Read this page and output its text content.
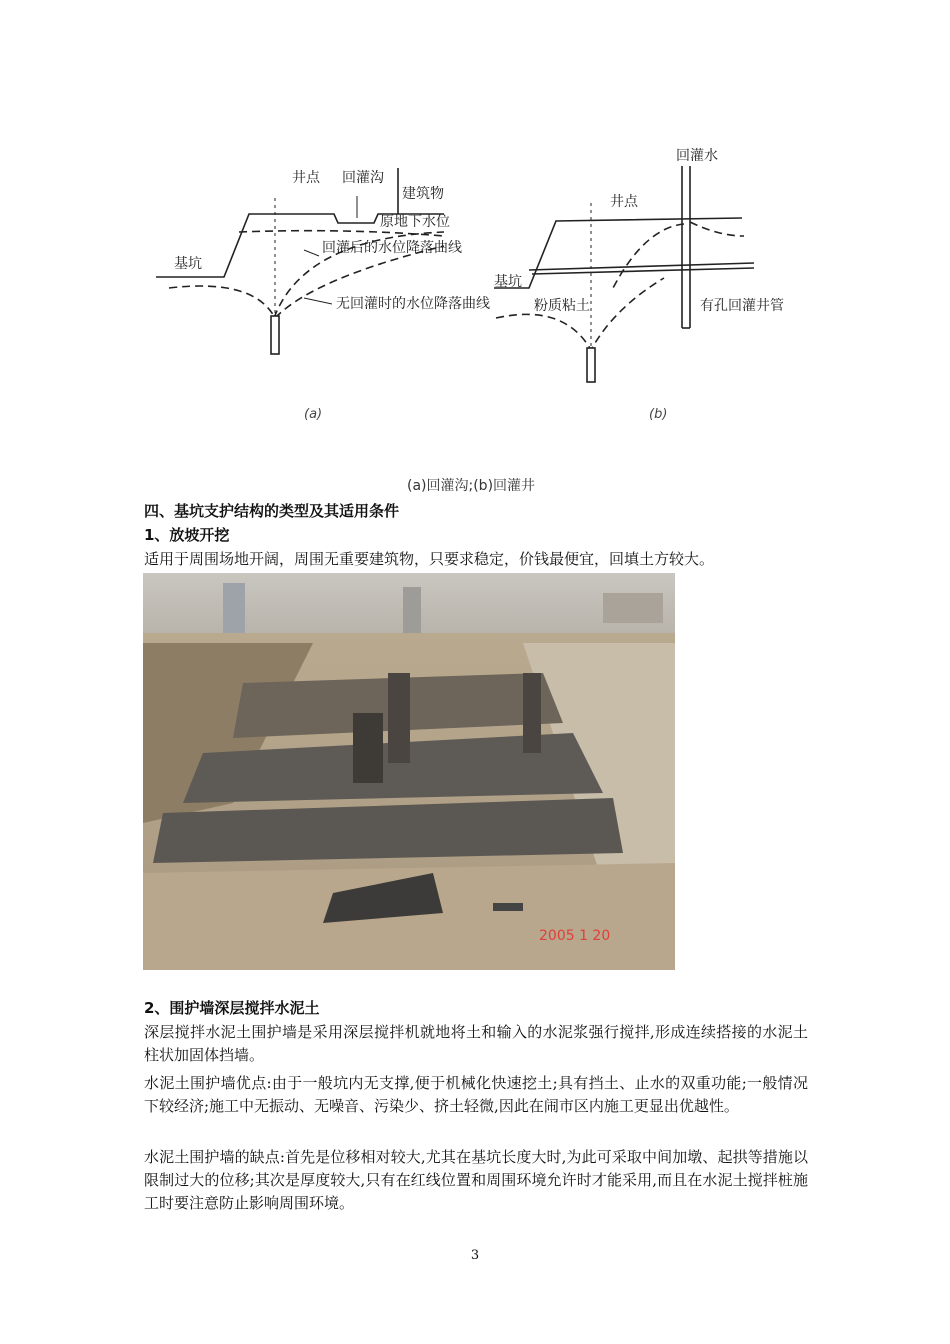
井点 回灌沟
建筑物
原地下水位
回灌后的水位降落曲线
基坑
无回灌时的水位降落曲线
(a)
回灌水
井点
基坑
粉质粘土	有孔回灌井管
(b)
(a)回灌沟;(b)回灌井
四、基坑支护结构的类型及其适用条件
1、放坡开挖
适用于周围场地开阔，周围无重要建筑物，只要求稳定，价钱最便宜，回填土方较大。
2005 1 20
2、围护墙深层搅拌水泥土
深层搅拌水泥土围护墙是采用深层搅拌机就地将土和输入的水泥浆强行搅拌,形成连续搭接的水泥土柱状加固体挡墙。
水泥土围护墙优点:由于一般坑内无支撑,便于机械化快速挖土;具有挡土、止水的双重功能;一般情况下较经济;施工中无振动、无噪音、污染少、挤土轻微,因此在闹市区内施工更显出优越性。
水泥土围护墙的缺点:首先是位移相对较大,尤其在基坑长度大时,为此可采取中间加墩、起拱等措施以限制过大的位移;其次是厚度较大,只有在红线位置和周围环境允许时才能采用,而且在水泥土搅拌桩施工时要注意防止影响周围环境。
3
